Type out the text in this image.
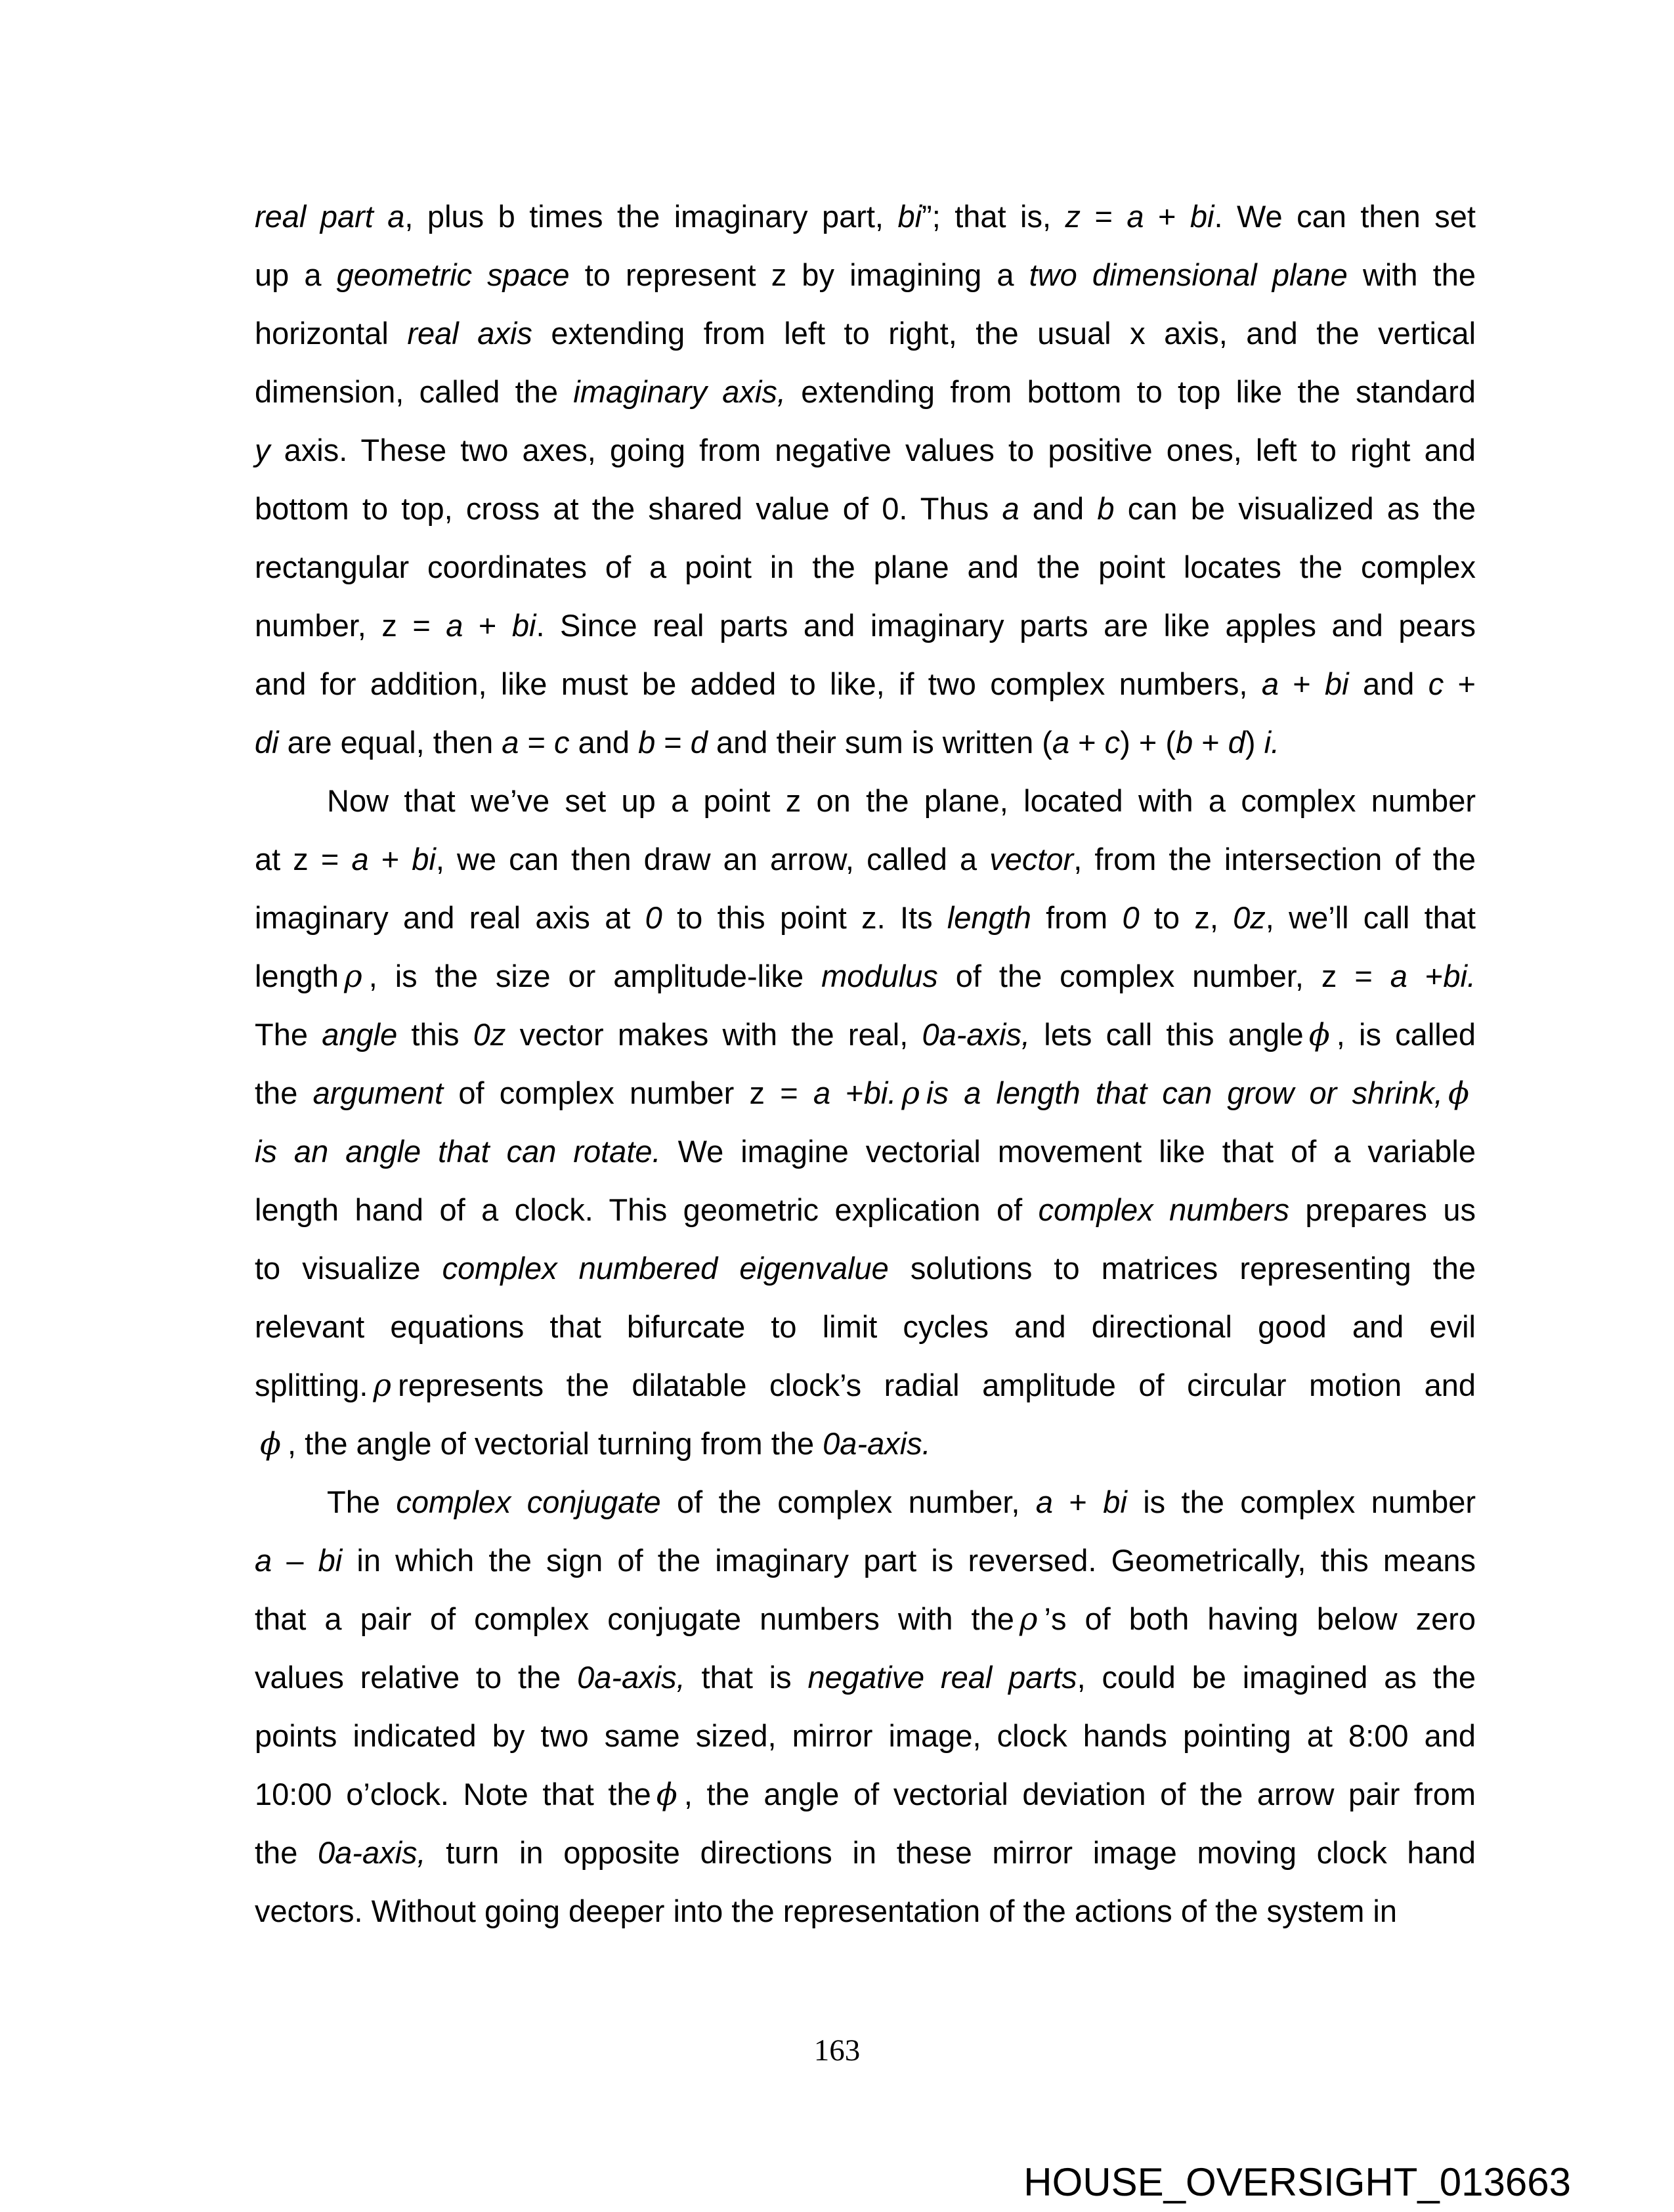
real part a, plus b times the imaginary part, bi”; that is, z = a + bi. We can then set
up a geometric space to represent z by imagining a two dimensional plane with the
horizontal real axis extending from left to right, the usual x axis, and the vertical
dimension, called the imaginary axis, extending from bottom to top like the standard
y axis. These two axes, going from negative values to positive ones, left to right and
bottom to top, cross at the shared value of 0. Thus a and b can be visualized as the
rectangular coordinates of a point in the plane and the point locates the complex
number, z = a + bi. Since real parts and imaginary parts are like apples and pears
and for addition, like must be added to like, if two complex numbers, a + bi and c +
di are equal, then a = c and b = d and their sum is written (a + c) + (b + d) i.
Now that we’ve set up a point z on the plane, located with a complex number
at z = a + bi, we can then draw an arrow, called a vector, from the intersection of the
imaginary and real axis at 0 to this point z. Its length from 0 to z, 0z, we’ll call that
length ρ , is the size or amplitude-like modulus of the complex number, z = a +bi.
The angle this 0z vector makes with the real, 0a-axis, lets call this angle ϕ , is called
the argument of complex number z = a +bi. ρ is a length that can grow or shrink, ϕ
is an angle that can rotate. We imagine vectorial movement like that of a variable
length hand of a clock. This geometric explication of complex numbers prepares us
to visualize complex numbered eigenvalue solutions to matrices representing the
relevant equations that bifurcate to limit cycles and directional good and evil
splitting. ρ represents the dilatable clock’s radial amplitude of circular motion and
ϕ , the angle of vectorial turning from the 0a-axis.
The complex conjugate of the complex number, a + bi is the complex number
a – bi in which the sign of the imaginary part is reversed. Geometrically, this means
that a pair of complex conjugate numbers with the ρ ’s of both having below zero
values relative to the 0a-axis, that is negative real parts, could be imagined as the
points indicated by two same sized, mirror image, clock hands pointing at 8:00 and
10:00 o’clock. Note that the ϕ , the angle of vectorial deviation of the arrow pair from
the 0a-axis, turn in opposite directions in these mirror image moving clock hand
vectors. Without going deeper into the representation of the actions of the system in
163
HOUSE_OVERSIGHT_013663
